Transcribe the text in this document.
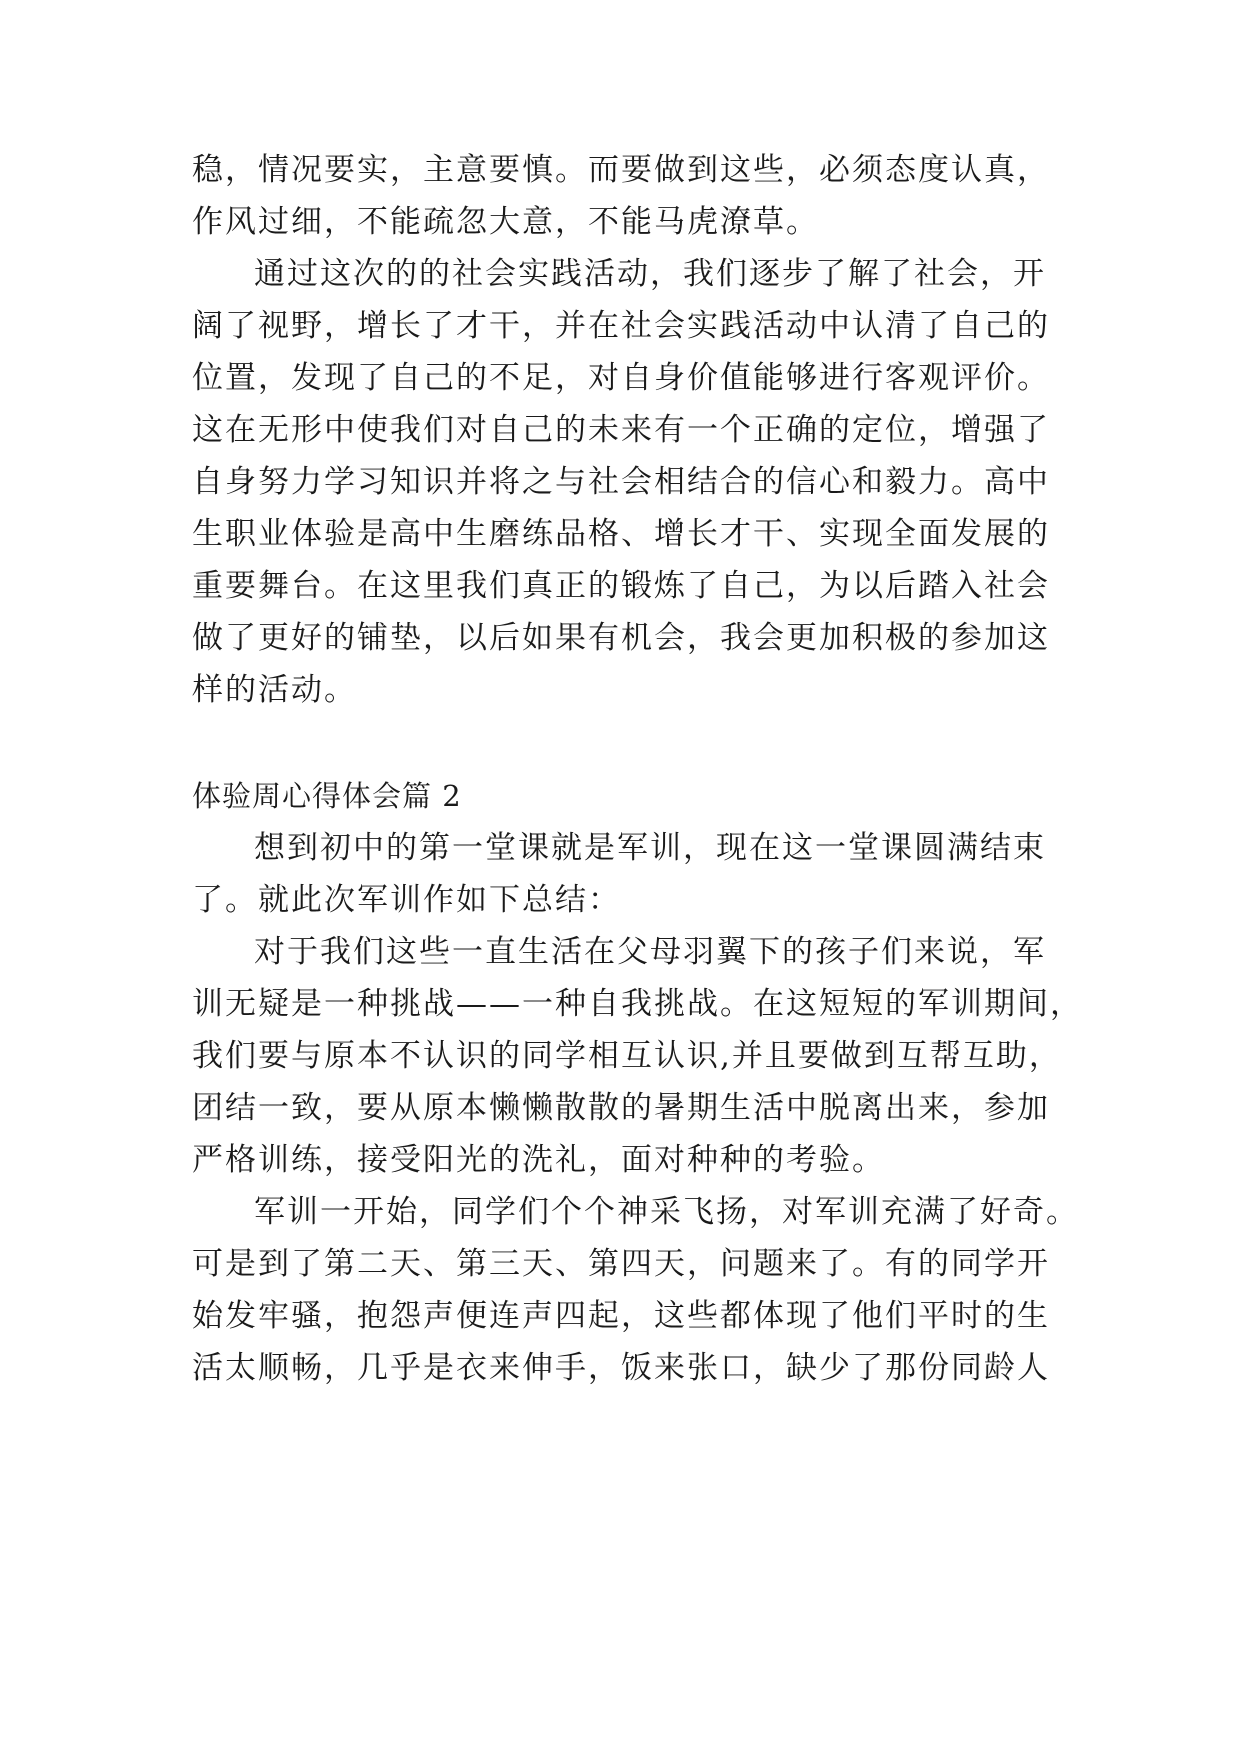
稳，情况要实，主意要慎。而要做到这些，必须态度认真，
作风过细，不能疏忽大意，不能马虎潦草。
通过这次的的社会实践活动，我们逐步了解了社会，开
阔了视野，增长了才干，并在社会实践活动中认清了自己的
位置，发现了自己的不足，对自身价值能够进行客观评价。
这在无形中使我们对自己的未来有一个正确的定位，增强了
自身努力学习知识并将之与社会相结合的信心和毅力。高中
生职业体验是高中生磨练品格、增长才干、实现全面发展的
重要舞台。在这里我们真正的锻炼了自己，为以后踏入社会
做了更好的铺垫，以后如果有机会，我会更加积极的参加这
样的活动。
体验周心得体会篇 2
想到初中的第一堂课就是军训，现在这一堂课圆满结束
了。就此次军训作如下总结：
对于我们这些一直生活在父母羽翼下的孩子们来说，军
训无疑是一种挑战——一种自我挑战。在这短短的军训期间，
我们要与原本不认识的同学相互认识,并且要做到互帮互助，
团结一致，要从原本懒懒散散的暑期生活中脱离出来，参加
严格训练，接受阳光的洗礼，面对种种的考验。
军训一开始，同学们个个神采飞扬，对军训充满了好奇。
可是到了第二天、第三天、第四天，问题来了。有的同学开
始发牢骚，抱怨声便连声四起，这些都体现了他们平时的生
活太顺畅，几乎是衣来伸手，饭来张口，缺少了那份同龄人
